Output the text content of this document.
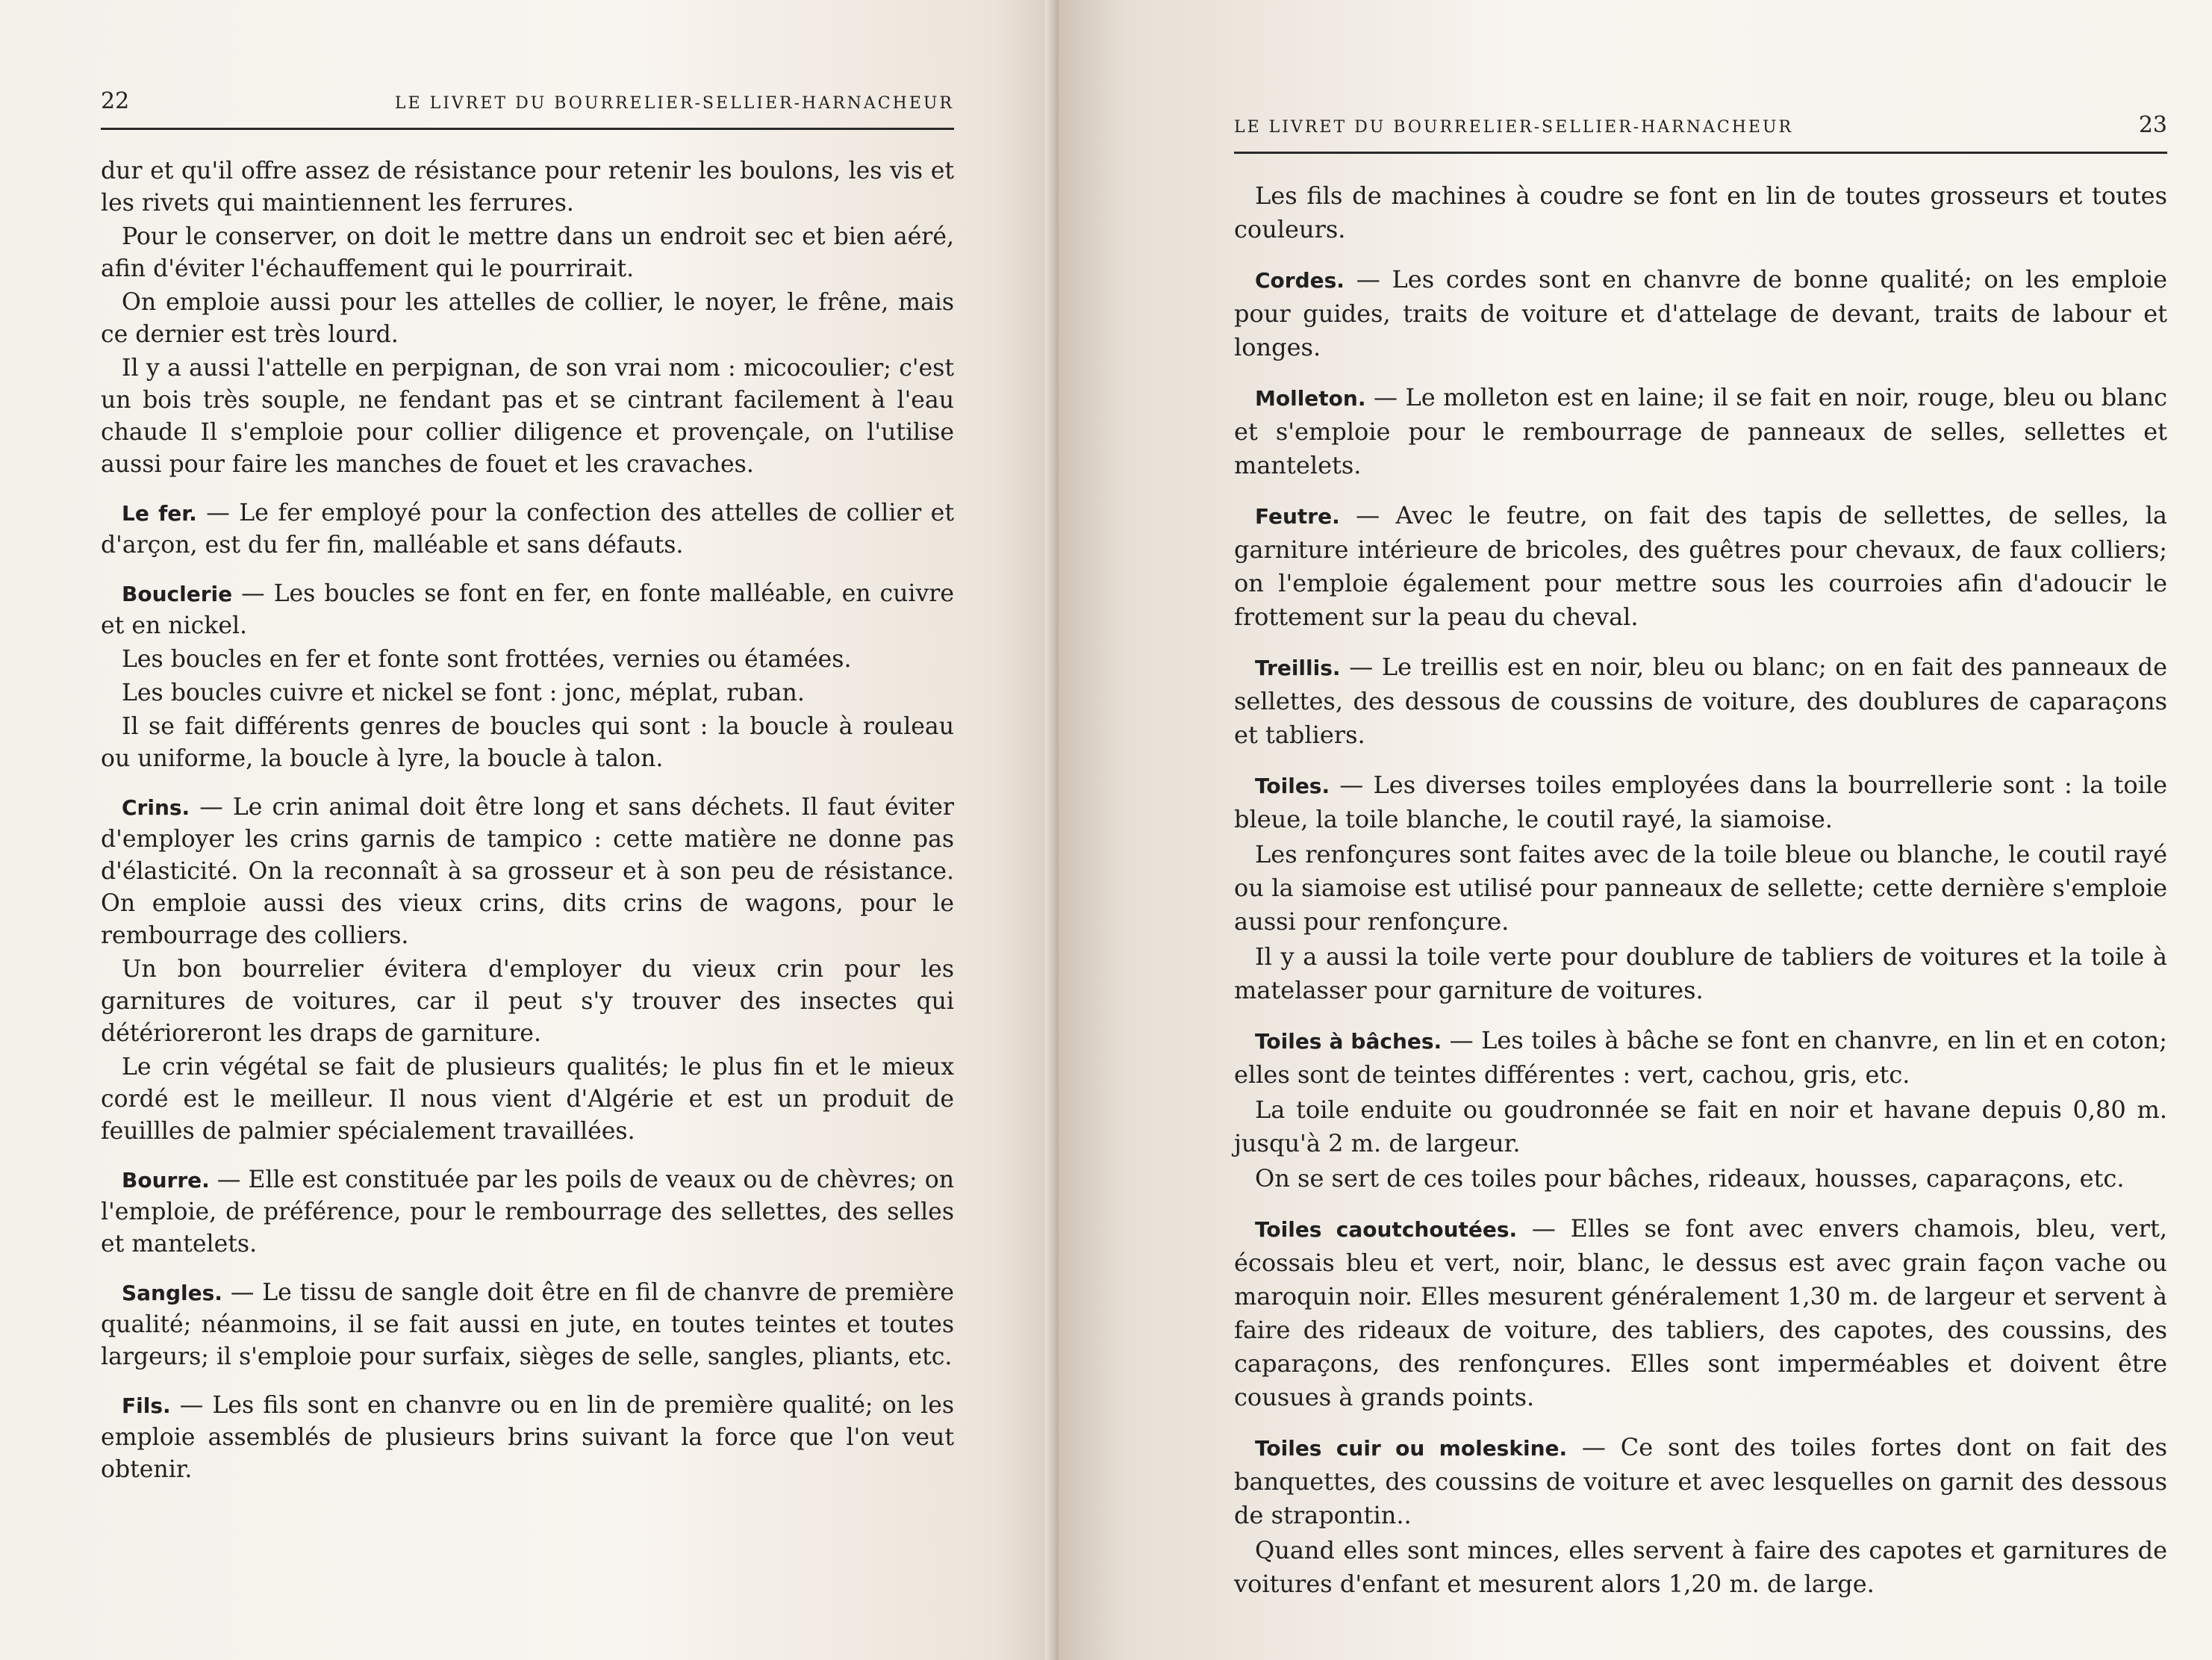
22	LE LIVRET DU BOURRELIER-SELLIER-HARNACHEUR

dur et qu'il offre assez de résistance pour retenir les boulons, les vis et les rivets qui maintiennent les ferrures.

Pour le conserver, on doit le mettre dans un endroit sec et bien aéré, afin d'éviter l'échauffement qui le pourrirait.

On emploie aussi pour les attelles de collier, le noyer, le frêne, mais ce dernier est très lourd.

Il y a aussi l'attelle en perpignan, de son vrai nom : micocoulier; c'est un bois très souple, ne fendant pas et se cintrant facilement à l'eau chaude Il s'emploie pour collier diligence et provençale, on l'utilise aussi pour faire les manches de fouet et les cravaches.

Le fer. — Le fer employé pour la confection des attelles de collier et d'arçon, est du fer fin, malléable et sans défauts.

Bouclerie — Les boucles se font en fer, en fonte malléable, en cuivre et en nickel.

Les boucles en fer et fonte sont frottées, vernies ou étamées.

Les boucles cuivre et nickel se font : jonc, méplat, ruban.

Il se fait différents genres de boucles qui sont : la boucle à rouleau ou uniforme, la boucle à lyre, la boucle à talon.

Crins. — Le crin animal doit être long et sans déchets. Il faut éviter d'employer les crins garnis de tampico : cette matière ne donne pas d'élasticité. On la reconnaît à sa grosseur et à son peu de résistance. On emploie aussi des vieux crins, dits crins de wagons, pour le rembourrage des colliers.

Un bon bourrelier évitera d'employer du vieux crin pour les garnitures de voitures, car il peut s'y trouver des insectes qui détérioreront les draps de garniture.

Le crin végétal se fait de plusieurs qualités; le plus fin et le mieux cordé est le meilleur. Il nous vient d'Algérie et est un produit de feuillles de palmier spécialement travaillées.

Bourre. — Elle est constituée par les poils de veaux ou de chèvres; on l'emploie, de préférence, pour le rembourrage des sellettes, des selles et mantelets.

Sangles. — Le tissu de sangle doit être en fil de chanvre de première qualité; néanmoins, il se fait aussi en jute, en toutes teintes et toutes largeurs; il s'emploie pour surfaix, sièges de selle, sangles, pliants, etc.

Fils. — Les fils sont en chanvre ou en lin de première qualité; on les emploie assemblés de plusieurs brins suivant la force que l'on veut obtenir.

LE LIVRET DU BOURRELIER-SELLIER-HARNACHEUR	23

Les fils de machines à coudre se font en lin de toutes grosseurs et toutes couleurs.

Cordes. — Les cordes sont en chanvre de bonne qualité; on les emploie pour guides, traits de voiture et d'attelage de devant, traits de labour et longes.

Molleton. — Le molleton est en laine; il se fait en noir, rouge, bleu ou blanc et s'emploie pour le rembourrage de panneaux de selles, sellettes et mantelets.

Feutre. — Avec le feutre, on fait des tapis de sellettes, de selles, la garniture intérieure de bricoles, des guêtres pour chevaux, de faux colliers; on l'emploie également pour mettre sous les courroies afin d'adoucir le frottement sur la peau du cheval.

Treillis. — Le treillis est en noir, bleu ou blanc; on en fait des panneaux de sellettes, des dessous de coussins de voiture, des doublures de caparaçons et tabliers.

Toiles. — Les diverses toiles employées dans la bourrellerie sont : la toile bleue, la toile blanche, le coutil rayé, la siamoise.

Les renfonçures sont faites avec de la toile bleue ou blanche, le coutil rayé ou la siamoise est utilisé pour panneaux de sellette; cette dernière s'emploie aussi pour renfonçure.

Il y a aussi la toile verte pour doublure de tabliers de voitures et la toile à matelasser pour garniture de voitures.

Toiles à bâches. — Les toiles à bâche se font en chanvre, en lin et en coton; elles sont de teintes différentes : vert, cachou, gris, etc.

La toile enduite ou goudronnée se fait en noir et havane depuis 0,80 m. jusqu'à 2 m. de largeur.

On se sert de ces toiles pour bâches, rideaux, housses, caparaçons, etc.

Toiles caoutchoutées. — Elles se font avec envers chamois, bleu, vert, écossais bleu et vert, noir, blanc, le dessus est avec grain façon vache ou maroquin noir. Elles mesurent généralement 1,30 m. de largeur et servent à faire des rideaux de voiture, des tabliers, des capotes, des coussins, des caparaçons, des renfonçures. Elles sont imperméables et doivent être cousues à grands points.

Toiles cuir ou moleskine. — Ce sont des toiles fortes dont on fait des banquettes, des coussins de voiture et avec lesquelles on garnit des dessous de strapontin..

Quand elles sont minces, elles servent à faire des capotes et garnitures de voitures d'enfant et mesurent alors 1,20 m. de large.
